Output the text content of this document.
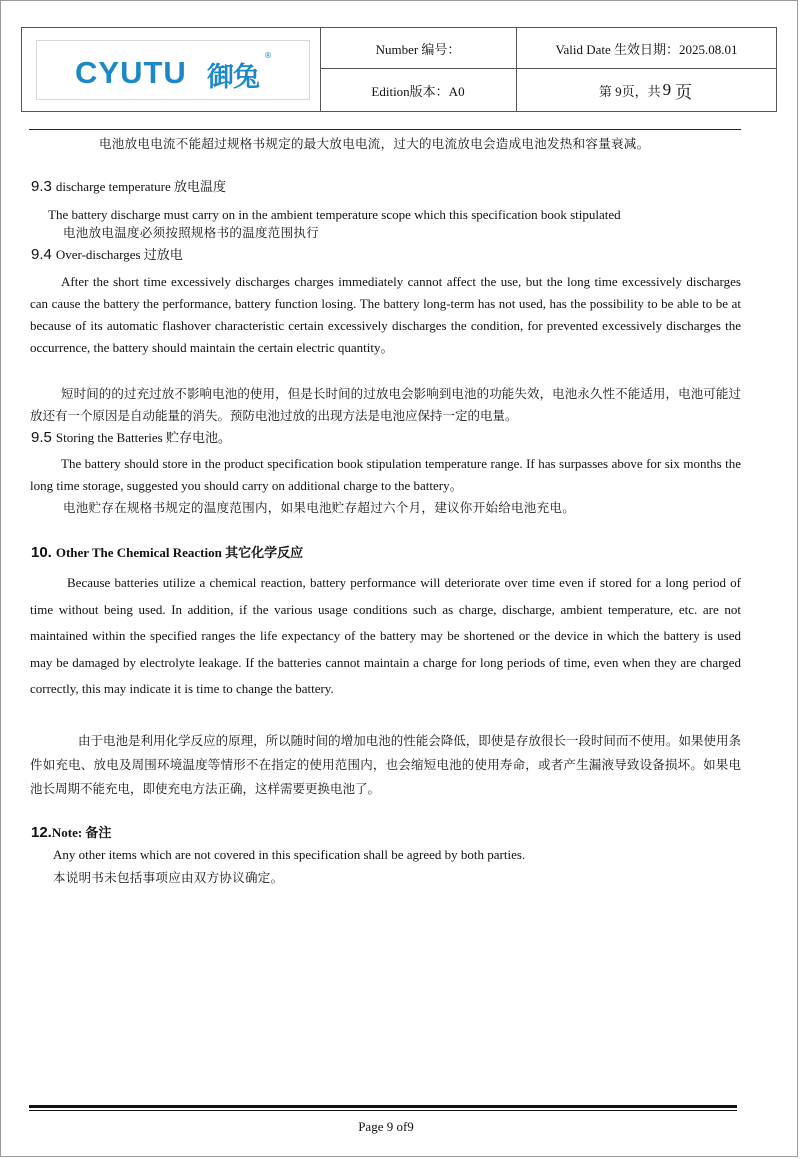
CYUTU 御兔
®	Number 编号：	Valid Date 生效日期：2025.08.01
Edition版本：A0	第 9页，共 9 页
电池放电电流不能超过规格书规定的最大放电电流，过大的电流放电会造成电池发热和容量衰减。
9.3 discharge temperature 放电温度
The battery discharge must carry on in the ambient temperature scope which this specification book stipulated
电池放电温度必须按照规格书的温度范围执行
9.4 Over-discharges 过放电
After the short time excessively discharges charges immediately cannot affect the use, but the long time excessively discharges can cause the battery the performance, battery function losing. The battery long-term has not used, has the possibility to be able to be at because of its automatic flashover characteristic certain excessively discharges the condition, for prevented excessively discharges the occurrence, the battery should maintain the certain electric quantity。
短时间的的过充过放不影响电池的使用，但是长时间的过放电会影响到电池的功能失效，电池永久性不能适用，电池可能过放还有一个原因是自动能量的消失。预防电池过放的出现方法是电池应保持一定的电量。
9.5 Storing the Batteries 贮存电池。
The battery should store in the product specification book stipulation temperature range. If has surpasses above for six months the long time storage, suggested you should carry on additional charge to the battery。
电池贮存在规格书规定的温度范围内，如果电池贮存超过六个月，建议你开始给电池充电。
10. Other The Chemical Reaction 其它化学反应
Because batteries utilize a chemical reaction, battery performance will deteriorate over time even if stored for a long period of time without being used. In addition, if the various usage conditions such as charge, discharge, ambient temperature, etc. are not maintained within the specified ranges the life expectancy of the battery may be shortened or the device in which the battery is used may be damaged by electrolyte leakage. If the batteries cannot maintain a charge for long periods of time, even when they are charged correctly, this may indicate it is time to change the battery.
由于电池是利用化学反应的原理，所以随时间的增加电池的性能会降低，即使是存放很长一段时间而不使用。如果使用条件如充电、放电及周围环境温度等情形不在指定的使用范围内，也会缩短电池的使用寿命，或者产生漏液导致设备损坏。如果电池长周期不能充电，即使充电方法正确，这样需要更换电池了。
12.Note: 备注
Any other items which are not covered in this specification shall be agreed by both parties.
本说明书未包括事项应由双方协议确定。
Page 9 of9
